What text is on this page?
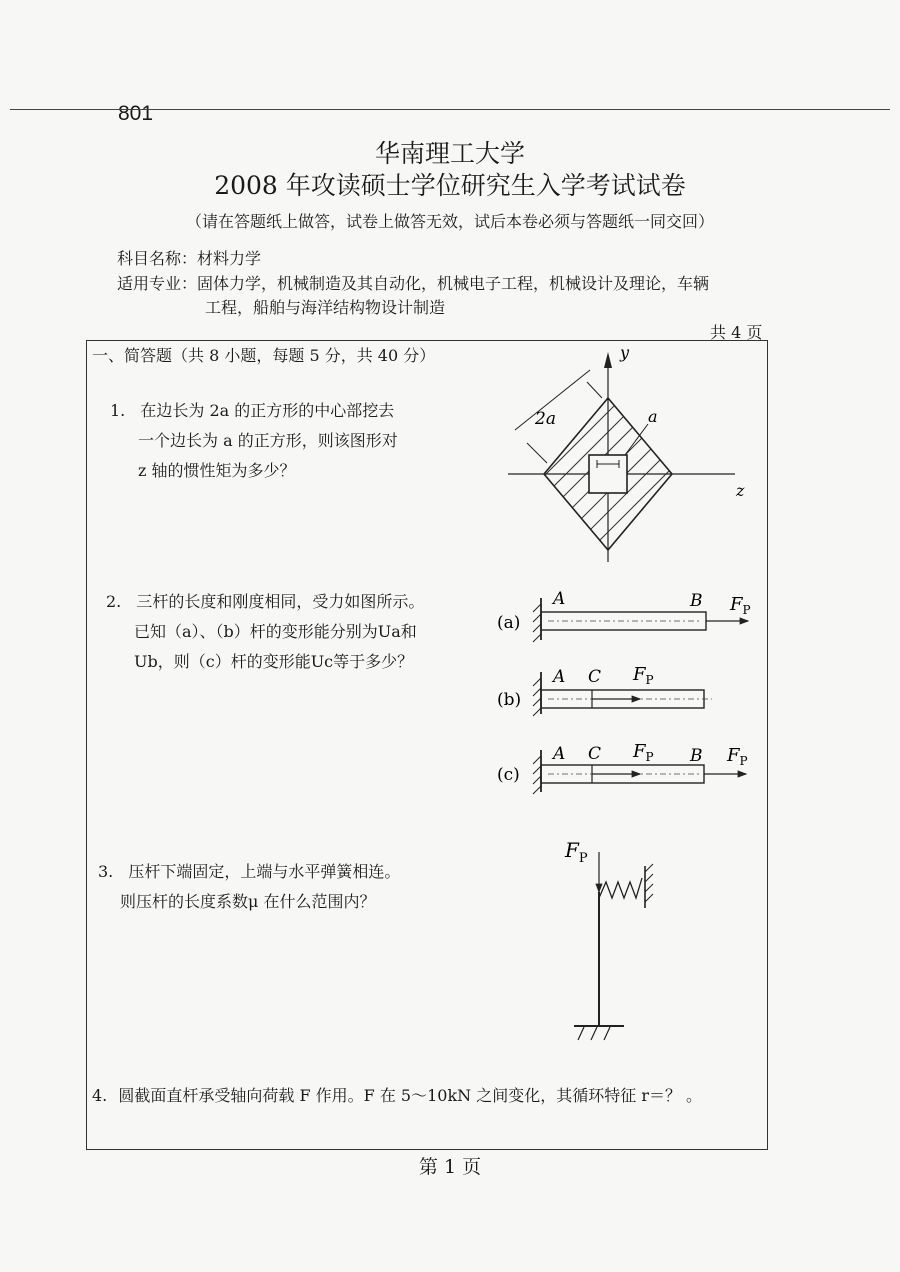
801
华南理工大学
2008 年攻读硕士学位研究生入学考试试卷
（请在答题纸上做答，试卷上做答无效，试后本卷必须与答题纸一同交回）
科目名称：材料力学
适用专业：固体力学，机械制造及其自动化，机械电子工程，机械设计及理论，车辆
工程，船舶与海洋结构物设计制造
共 4 页
一、简答题（共 8 小题，每题 5 分，共 40 分）
1. 在边长为 2a 的正方形的中心部挖去
一个边长为 a 的正方形，则该图形对
z 轴的惯性矩为多少？
y
z
2a	a
(a)
A	B $F_P$
(b)
A C $F_P$
(c)
A C	B
$F_P$	$F_P$
$F_P$
2. 三杆的长度和刚度相同，受力如图所示。
已知（a）、（b）杆的变形能分别为Ua和
Ub，则（c）杆的变形能Uc等于多少？
3. 压杆下端固定，上端与水平弹簧相连。
则压杆的长度系数μ 在什么范围内？
4. 圆截面直杆承受轴向荷载 F 作用。F 在 5～10kN 之间变化，其循环特征 r＝？ 。
第 1 页
